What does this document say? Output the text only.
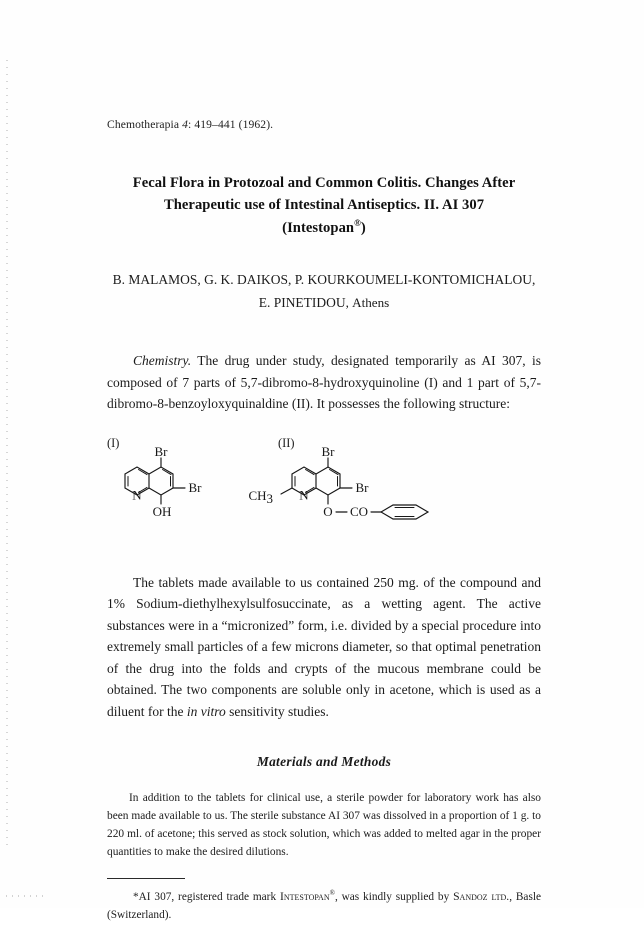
Chemotherapia 4: 419–441 (1962).

Fecal Flora in Protozoal and Common Colitis. Changes After
Therapeutic use of Intestinal Antiseptics. II. AI 307
(Intestopan®)
B. MALAMOS, G. K. DAIKOS, P. KOURKOUMELI-KONTOMICHALOU,
E. PINETIDOU, Athens

Chemistry. The drug under study, designated temporarily as AI 307, is composed of 7 parts of 5,7-dibromo-8-hydroxyquinoline (I) and 1 part of 5,7-dibromo-8-benzoyloxyquinaldine (II). It possesses the following structure:

(I)	(II)
N
Br
Br
OH
N
CH3
Br
Br
O CO

The tablets made available to us contained 250 mg. of the compound and 1% Sodium-diethylhexylsulfosuccinate, as a wetting agent. The active substances were in a “micronized” form, i.e. divided by a special procedure into extremely small particles of a few microns diameter, so that optimal penetration of the drug into the folds and crypts of the mucous membrane could be obtained. The two components are soluble only in acetone, which is used as a diluent for the in vitro sensitivity studies.

Materials and Methods

In addition to the tablets for clinical use, a sterile powder for laboratory work has also been made available to us. The sterile substance AI 307 was dissolved in a proportion of 1 g. to 220 ml. of acetone; this served as stock solution, which was added to melted agar in the proper quantities to make the desired dilutions.

*AI 307, registered trade mark Intestopan®, was kindly supplied by Sandoz ltd., Basle (Switzerland).
